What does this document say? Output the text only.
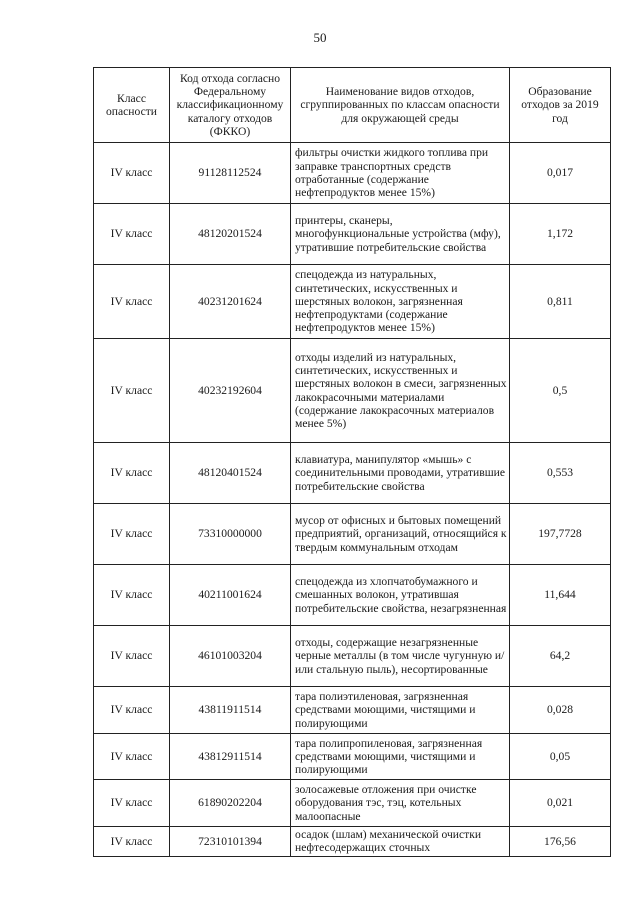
50
Класс опасности	Код отхода согласно Федеральному классификационному каталогу отходов (ФККО)	Наименование видов отходов, сгруппированных по классам опасности для окружающей среды	Образование отходов за 2019 год
IV класс	91128112524	фильтры очистки жидкого топлива при заправке транспортных средств отработанные (содержание нефтепродуктов менее 15%)	0,017
IV класс	48120201524	принтеры, сканеры, многофункциональные устройства (мфу), утратившие потребительские свойства	1,172
IV класс	40231201624	спецодежда из натуральных, синтетических, искусственных и шерстяных волокон, загрязненная нефтепродуктами (содержание нефтепродуктов менее 15%)	0,811
IV класс	40232192604	отходы изделий из натуральных, синтетических, искусственных и шерстяных волокон в смеси, загрязненных лакокрасочными материалами (содержание лакокрасочных материалов менее 5%)	0,5
IV класс	48120401524	клавиатура, манипулятор «мышь» с соединительными проводами, утратившие потребительские свойства	0,553
IV класс	73310000000	мусор от офисных и бытовых помещений предприятий, организаций, относящийся к твердым коммунальным отходам	197,7728
IV класс	40211001624	спецодежда из хлопчатобумажного и смешанных волокон, утратившая потребительские свойства, незагрязненная	11,644
IV класс	46101003204	отходы, содержащие незагрязненные черные металлы (в том числе чугунную и/или стальную пыль), несортированные	64,2
IV класс	43811911514	тара полиэтиленовая, загрязненная средствами моющими, чистящими и полирующими	0,028
IV класс	43812911514	тара полипропиленовая, загрязненная средствами моющими, чистящими и полирующими	0,05
IV класс	61890202204	золосажевые отложения при очистке оборудования тэс, тэц, котельных малоопасные	0,021
IV класс	72310101394	осадок (шлам) механической очистки нефтесодержащих сточных	176,56
